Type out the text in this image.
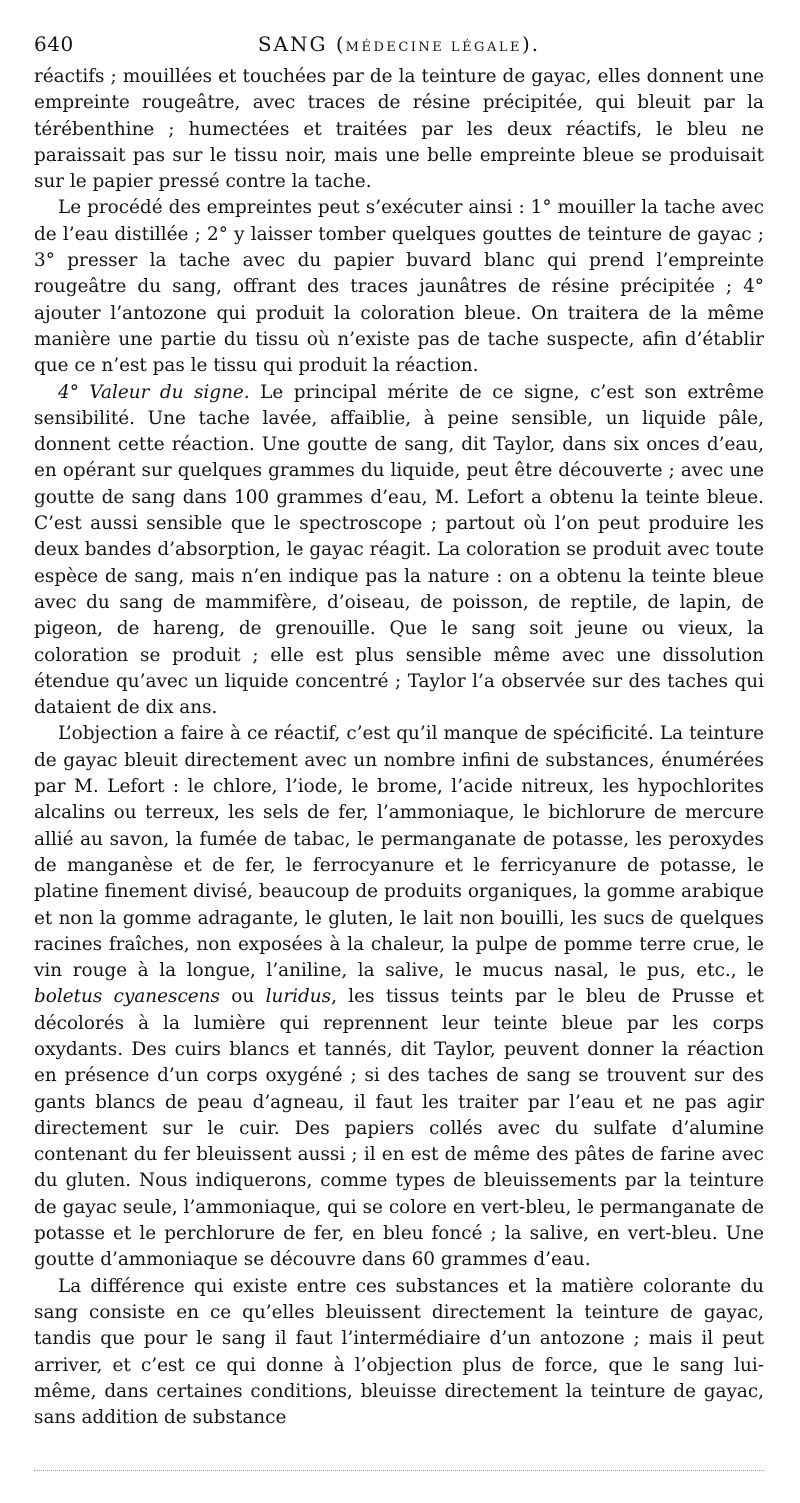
640	SANG (MÉDECINE LÉGALE).

réactifs ; mouillées et touchées par de la teinture de gayac, elles donnent une empreinte rougeâtre, avec traces de résine précipitée, qui bleuit par la térébenthine ; humectées et traitées par les deux réactifs, le bleu ne paraissait pas sur le tissu noir, mais une belle empreinte bleue se produisait sur le papier pressé contre la tache.

Le procédé des empreintes peut s’exécuter ainsi : 1° mouiller la tache avec de l’eau distillée ; 2° y laisser tomber quelques gouttes de teinture de gayac ; 3° presser la tache avec du papier buvard blanc qui prend l’empreinte rougeâtre du sang, offrant des traces jaunâtres de résine précipitée ; 4° ajouter l’antozone qui produit la coloration bleue. On traitera de la même manière une partie du tissu où n’existe pas de tache suspecte, afin d’établir que ce n’est pas le tissu qui produit la réaction.

4° Valeur du signe. Le principal mérite de ce signe, c’est son extrême sensibilité. Une tache lavée, affaiblie, à peine sensible, un liquide pâle, donnent cette réaction. Une goutte de sang, dit Taylor, dans six onces d’eau, en opérant sur quelques grammes du liquide, peut être découverte ; avec une goutte de sang dans 100 grammes d’eau, M. Lefort a obtenu la teinte bleue. C’est aussi sensible que le spectroscope ; partout où l’on peut produire les deux bandes d’absorption, le gayac réagit. La coloration se produit avec toute espèce de sang, mais n’en indique pas la nature : on a obtenu la teinte bleue avec du sang de mammifère, d’oiseau, de poisson, de reptile, de lapin, de pigeon, de hareng, de grenouille. Que le sang soit jeune ou vieux, la coloration se produit ; elle est plus sensible même avec une dissolution étendue qu’avec un liquide concentré ; Taylor l’a observée sur des taches qui dataient de dix ans.

L’objection a faire à ce réactif, c’est qu’il manque de spécificité. La teinture de gayac bleuit directement avec un nombre infini de substances, énumérées par M. Lefort : le chlore, l’iode, le brome, l’acide nitreux, les hypochlorites alcalins ou terreux, les sels de fer, l’ammoniaque, le bichlorure de mercure allié au savon, la fumée de tabac, le permanganate de potasse, les peroxydes de manganèse et de fer, le ferrocyanure et le ferricyanure de potasse, le platine finement divisé, beaucoup de produits organiques, la gomme arabique et non la gomme adragante, le gluten, le lait non bouilli, les sucs de quelques racines fraîches, non exposées à la chaleur, la pulpe de pomme terre crue, le vin rouge à la longue, l’aniline, la salive, le mucus nasal, le pus, etc., le boletus cyanescens ou luridus, les tissus teints par le bleu de Prusse et décolorés à la lumière qui reprennent leur teinte bleue par les corps oxydants. Des cuirs blancs et tannés, dit Taylor, peuvent donner la réaction en présence d’un corps oxygéné ; si des taches de sang se trouvent sur des gants blancs de peau d’agneau, il faut les traiter par l’eau et ne pas agir directement sur le cuir. Des papiers collés avec du sulfate d’alumine contenant du fer bleuissent aussi ; il en est de même des pâtes de farine avec du gluten. Nous indiquerons, comme types de bleuissements par la teinture de gayac seule, l’ammoniaque, qui se colore en vert-bleu, le permanganate de potasse et le perchlorure de fer, en bleu foncé ; la salive, en vert-bleu. Une goutte d’ammoniaque se découvre dans 60 grammes d’eau.

La différence qui existe entre ces substances et la matière colorante du sang consiste en ce qu’elles bleuissent directement la teinture de gayac, tandis que pour le sang il faut l’intermédiaire d’un antozone ; mais il peut arriver, et c’est ce qui donne à l’objection plus de force, que le sang lui-même, dans certaines conditions, bleuisse directement la teinture de gayac, sans addition de substance
